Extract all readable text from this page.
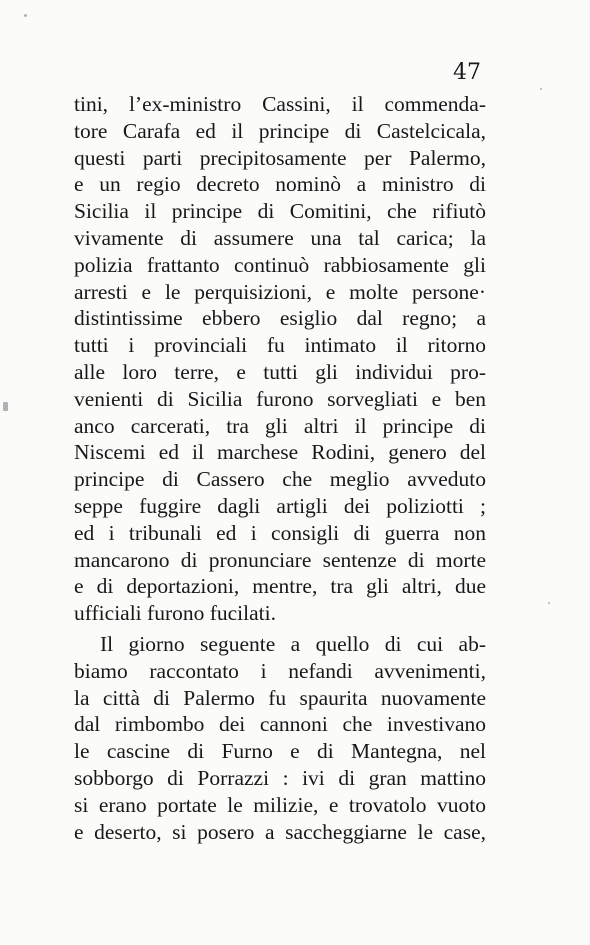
47
tini, l’ex-ministro Cassini, il commenda-
tore Carafa ed il principe di Castelcicala,
questi parti precipitosamente per Palermo,
e un regio decreto nominò a ministro di
Sicilia il principe di Comitini, che rifiutò
vivamente di assumere una tal carica; la
polizia frattanto continuò rabbiosamente gli
arresti e le perquisizioni, e molte persone·
distintissime ebbero esiglio dal regno; a
tutti i provinciali fu intimato il ritorno
alle loro terre, e tutti gli individui pro-
venienti di Sicilia furono sorvegliati e ben
anco carcerati, tra gli altri il principe di
Niscemi ed il marchese Rodini, genero del
principe di Cassero che meglio avveduto
seppe fuggire dagli artigli dei poliziotti ;
ed i tribunali ed i consigli di guerra non
mancarono di pronunciare sentenze di morte
e di deportazioni, mentre, tra gli altri, due
ufficiali furono fucilati.
Il giorno seguente a quello di cui ab-
biamo raccontato i nefandi avvenimenti,
la città di Palermo fu spaurita nuovamente
dal rimbombo dei cannoni che investivano
le cascine di Furno e di Mantegna, nel
sobborgo di Porrazzi : ivi di gran mattino
si erano portate le milizie, e trovatolo vuoto
e deserto, si posero a saccheggiarne le case,
